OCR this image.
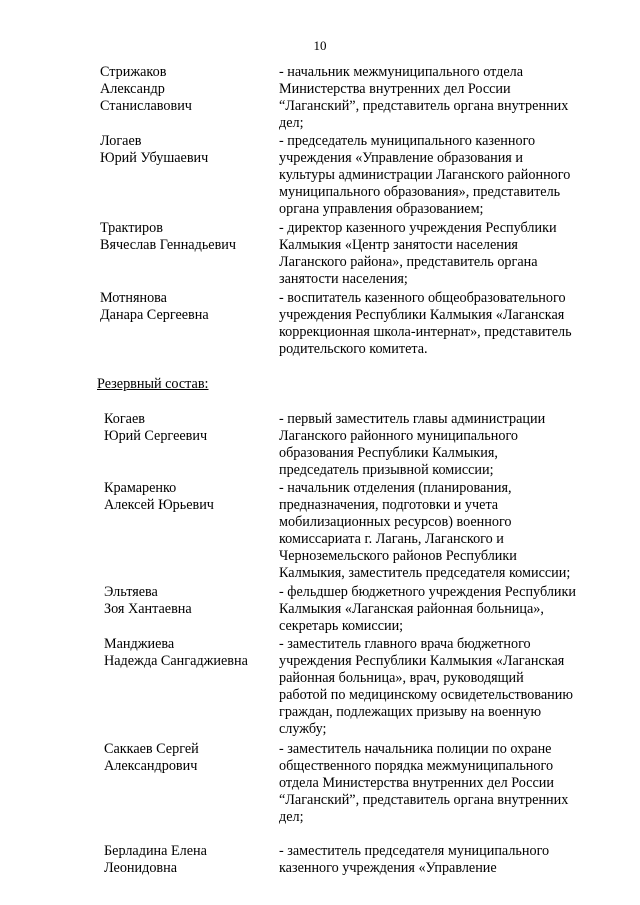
10
Стрижаков
Александр
Станиславович
- начальник межмуниципального отдела
Министерства внутренних дел России
“Лаганский”, представитель органа внутренних
дел;
Логаев
Юрий Убушаевич
- председатель муниципального казенного
учреждения «Управление образования и
культуры администрации Лаганского районного
муниципального образования», представитель
органа управления образованием;
Трактиров
Вячеслав Геннадьевич
- директор казенного учреждения Республики
Калмыкия «Центр занятости населения
Лаганского района», представитель органа
занятости населения;
Мотнянова
Данара Сергеевна
- воспитатель казенного общеобразовательного
учреждения Республики Калмыкия «Лаганская
коррекционная школа-интернат», представитель
родительского комитета.
Резервный состав:
Когаев
Юрий Сергеевич
- первый заместитель главы администрации
Лаганского районного муниципального
образования Республики Калмыкия,
председатель призывной комиссии;
Крамаренко
Алексей Юрьевич
- начальник отделения (планирования,
предназначения, подготовки и учета
мобилизационных ресурсов) военного
комиссариата г. Лагань, Лаганского и
Черноземельского районов Республики
Калмыкия, заместитель председателя комиссии;
Эльтяева
Зоя Хантаевна
- фельдшер бюджетного учреждения Республики
Калмыкия «Лаганская районная больница»,
секретарь комиссии;
Манджиева
Надежда Сангаджиевна
- заместитель главного врача бюджетного
учреждения Республики Калмыкия «Лаганская
районная больница», врач, руководящий
работой по медицинскому освидетельствованию
граждан, подлежащих призыву на военную
службу;
Саккаев Сергей
Александрович
- заместитель начальника полиции по охране
общественного порядка межмуниципального
отдела Министерства внутренних дел России
“Лаганский”, представитель органа внутренних
дел;
Берладина Елена
Леонидовна
- заместитель председателя муниципального
казенного учреждения «Управление
